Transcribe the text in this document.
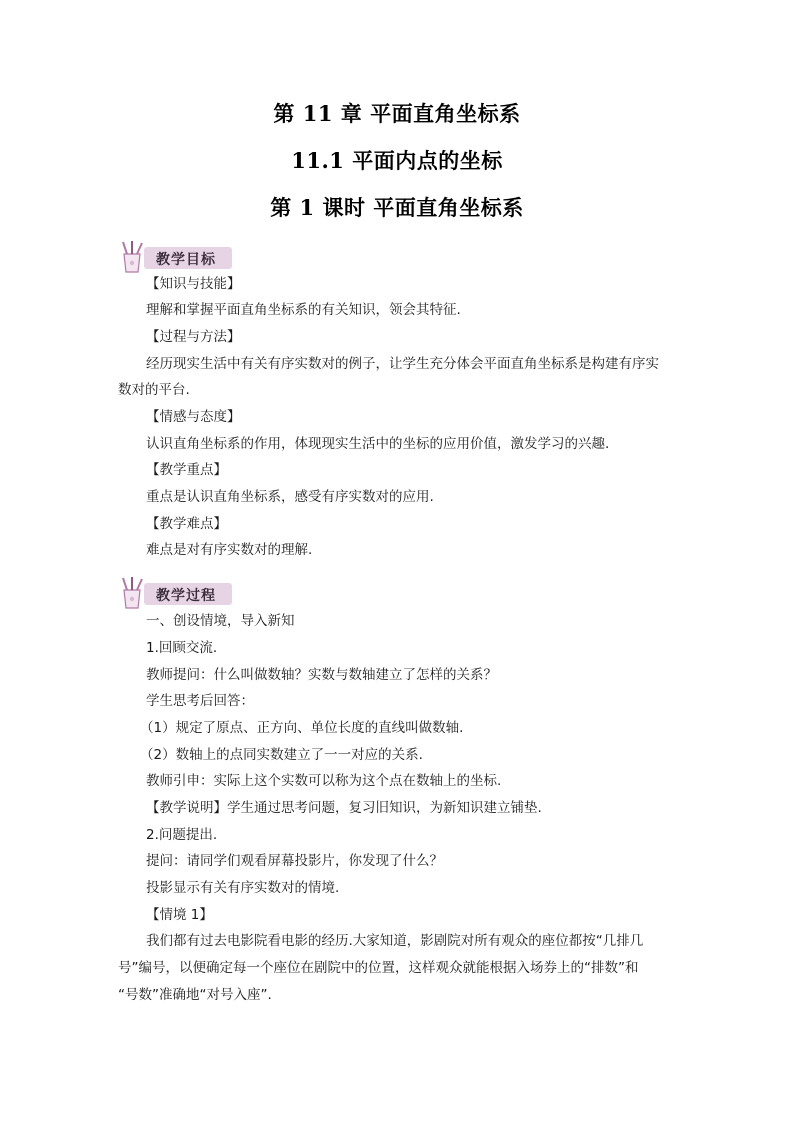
第 11 章 平面直角坐标系
11.1 平面内点的坐标
第 1 课时 平面直角坐标系
教学目标
【知识与技能】
理解和掌握平面直角坐标系的有关知识，领会其特征.
【过程与方法】
经历现实生活中有关有序实数对的例子，让学生充分体会平面直角坐标系是构建有序实
数对的平台.
【情感与态度】
认识直角坐标系的作用，体现现实生活中的坐标的应用价值，激发学习的兴趣.
【教学重点】
重点是认识直角坐标系，感受有序实数对的应用.
【教学难点】
难点是对有序实数对的理解.
教学过程
一、创设情境，导入新知
1.回顾交流.
教师提问：什么叫做数轴？实数与数轴建立了怎样的关系？
学生思考后回答：
（1）规定了原点、正方向、单位长度的直线叫做数轴.
（2）数轴上的点同实数建立了一一对应的关系.
教师引申：实际上这个实数可以称为这个点在数轴上的坐标.
【教学说明】学生通过思考问题，复习旧知识，为新知识建立铺垫.
2.问题提出.
提问：请同学们观看屏幕投影片，你发现了什么？
投影显示有关有序实数对的情境.
【情境 1】
我们都有过去电影院看电影的经历.大家知道，影剧院对所有观众的座位都按“几排几
号”编号，以便确定每一个座位在剧院中的位置，这样观众就能根据入场券上的“排数”和
“号数”准确地“对号入座”.
